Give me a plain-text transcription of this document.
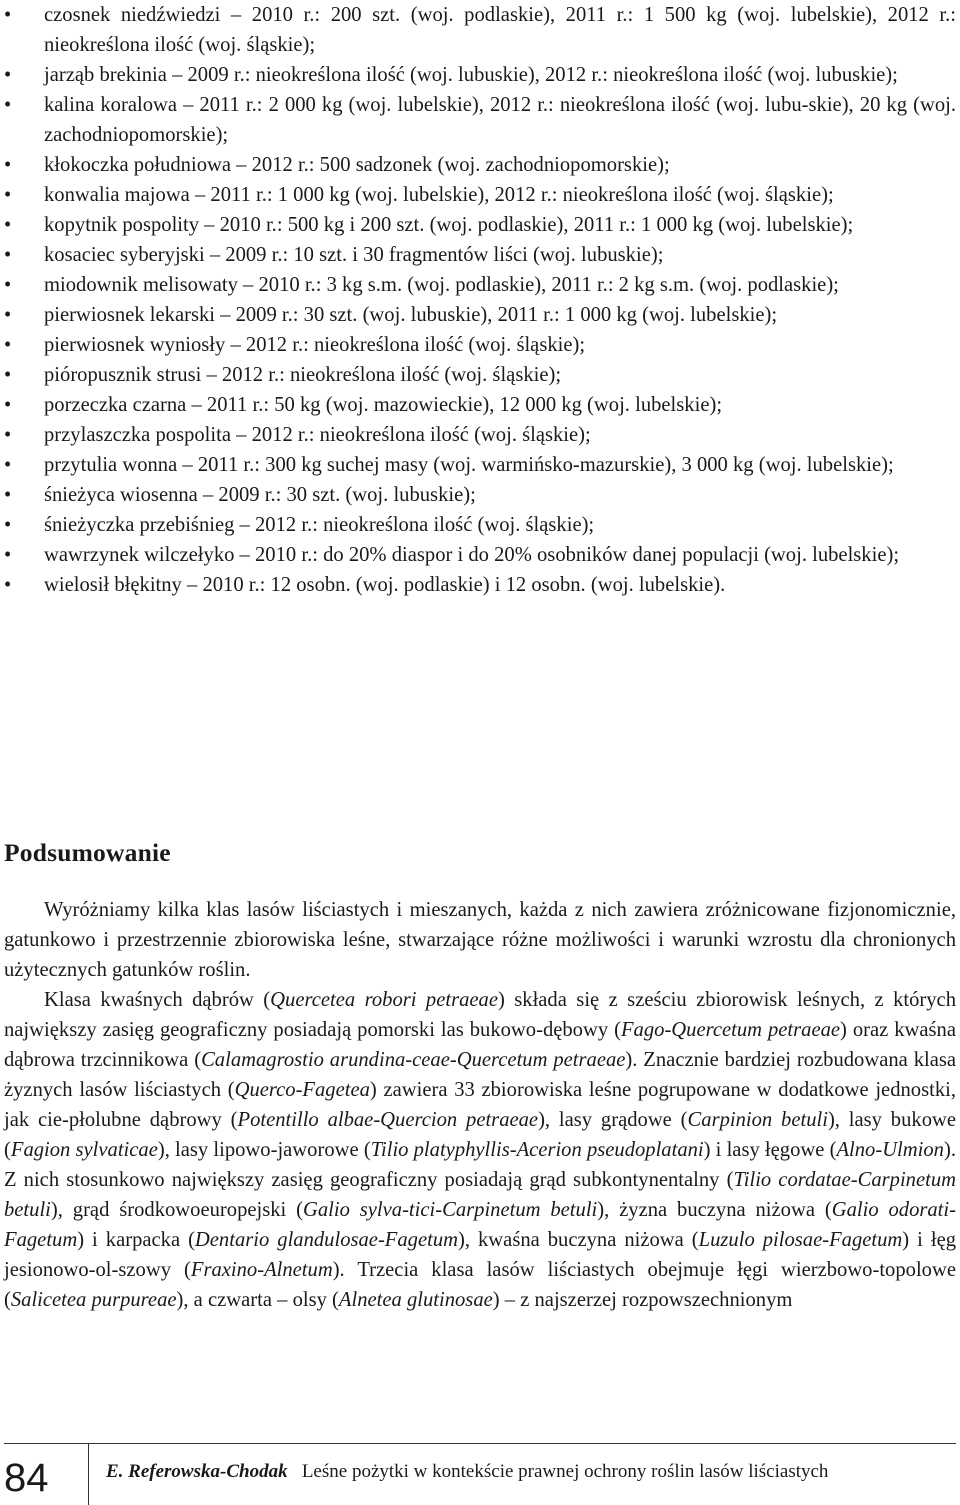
•	czosnek niedźwiedzi – 2010 r.: 200 szt. (woj. podlaskie), 2011 r.: 1 500 kg (woj. lubelskie), 2012 r.: nieokreślona ilość (woj. śląskie);
•	jarząb brekinia – 2009 r.: nieokreślona ilość (woj. lubuskie), 2012 r.: nieokreślona ilość (woj. lubuskie);
•	kalina koralowa – 2011 r.: 2 000 kg (woj. lubelskie), 2012 r.: nieokreślona ilość (woj. lubu-skie), 20 kg (woj. zachodniopomorskie);
•	kłokoczka południowa – 2012 r.: 500 sadzonek (woj. zachodniopomorskie);
•	konwalia majowa – 2011 r.: 1 000 kg (woj. lubelskie), 2012 r.: nieokreślona ilość (woj. śląskie);
•	kopytnik pospolity – 2010 r.: 500 kg i 200 szt. (woj. podlaskie), 2011 r.: 1 000 kg (woj. lubelskie);
•	kosaciec syberyjski – 2009 r.: 10 szt. i 30 fragmentów liści (woj. lubuskie);
•	miodownik melisowaty – 2010 r.: 3 kg s.m. (woj. podlaskie), 2011 r.: 2 kg s.m. (woj. podlaskie);
•	pierwiosnek lekarski – 2009 r.: 30 szt. (woj. lubuskie), 2011 r.: 1 000 kg (woj. lubelskie);
•	pierwiosnek wyniosły – 2012 r.: nieokreślona ilość (woj. śląskie);
•	pióropusznik strusi – 2012 r.: nieokreślona ilość (woj. śląskie);
•	porzeczka czarna – 2011 r.: 50 kg (woj. mazowieckie), 12 000 kg (woj. lubelskie);
•	przylaszczka pospolita – 2012 r.: nieokreślona ilość (woj. śląskie);
•	przytulia wonna – 2011 r.: 300 kg suchej masy (woj. warmińsko-mazurskie), 3 000 kg (woj. lubelskie);
•	śnieżyca wiosenna – 2009 r.: 30 szt. (woj. lubuskie);
•	śnieżyczka przebiśnieg – 2012 r.: nieokreślona ilość (woj. śląskie);
•	wawrzynek wilczełyko – 2010 r.: do 20% diaspor i do 20% osobników danej populacji (woj. lubelskie);
•	wielosił błękitny – 2010 r.: 12 osobn. (woj. podlaskie) i 12 osobn. (woj. lubelskie).
Podsumowanie

Wyróżniamy kilka klas lasów liściastych i mieszanych, każda z nich zawiera zróżnicowane fizjonomicznie, gatunkowo i przestrzennie zbiorowiska leśne, stwarzające różne możliwości i warunki wzrostu dla chronionych użytecznych gatunków roślin.

Klasa kwaśnych dąbrów (Quercetea robori petraeae) składa się z sześciu zbiorowisk leśnych, z których największy zasięg geograficzny posiadają pomorski las bukowo-dębowy (Fago-Quercetum petraeae) oraz kwaśna dąbrowa trzcinnikowa (Calamagrostio arundina-ceae-Quercetum petraeae). Znacznie bardziej rozbudowana klasa żyznych lasów liściastych (Querco-Fagetea) zawiera 33 zbiorowiska leśne pogrupowane w dodatkowe jednostki, jak cie-płolubne dąbrowy (Potentillo albae-Quercion petraeae), lasy grądowe (Carpinion betuli), lasy bukowe (Fagion sylvaticae), lasy lipowo-jaworowe (Tilio platyphyllis-Acerion pseudoplatani) i lasy łęgowe (Alno-Ulmion). Z nich stosunkowo największy zasięg geograficzny posiadają grąd subkontynentalny (Tilio cordatae-Carpinetum betuli), grąd środkowoeuropejski (Galio sylva-tici-Carpinetum betuli), żyzna buczyna niżowa (Galio odorati-Fagetum) i karpacka (Dentario glandulosae-Fagetum), kwaśna buczyna niżowa (Luzulo pilosae-Fagetum) i łęg jesionowo-ol-szowy (Fraxino-Alnetum). Trzecia klasa lasów liściastych obejmuje łęgi wierzbowo-topolowe (Salicetea purpureae), a czwarta – olsy (Alnetea glutinosae) – z najszerzej rozpowszechnionym

84	E. Referowska-Chodak Leśne pożytki w kontekście prawnej ochrony roślin lasów liściastych
